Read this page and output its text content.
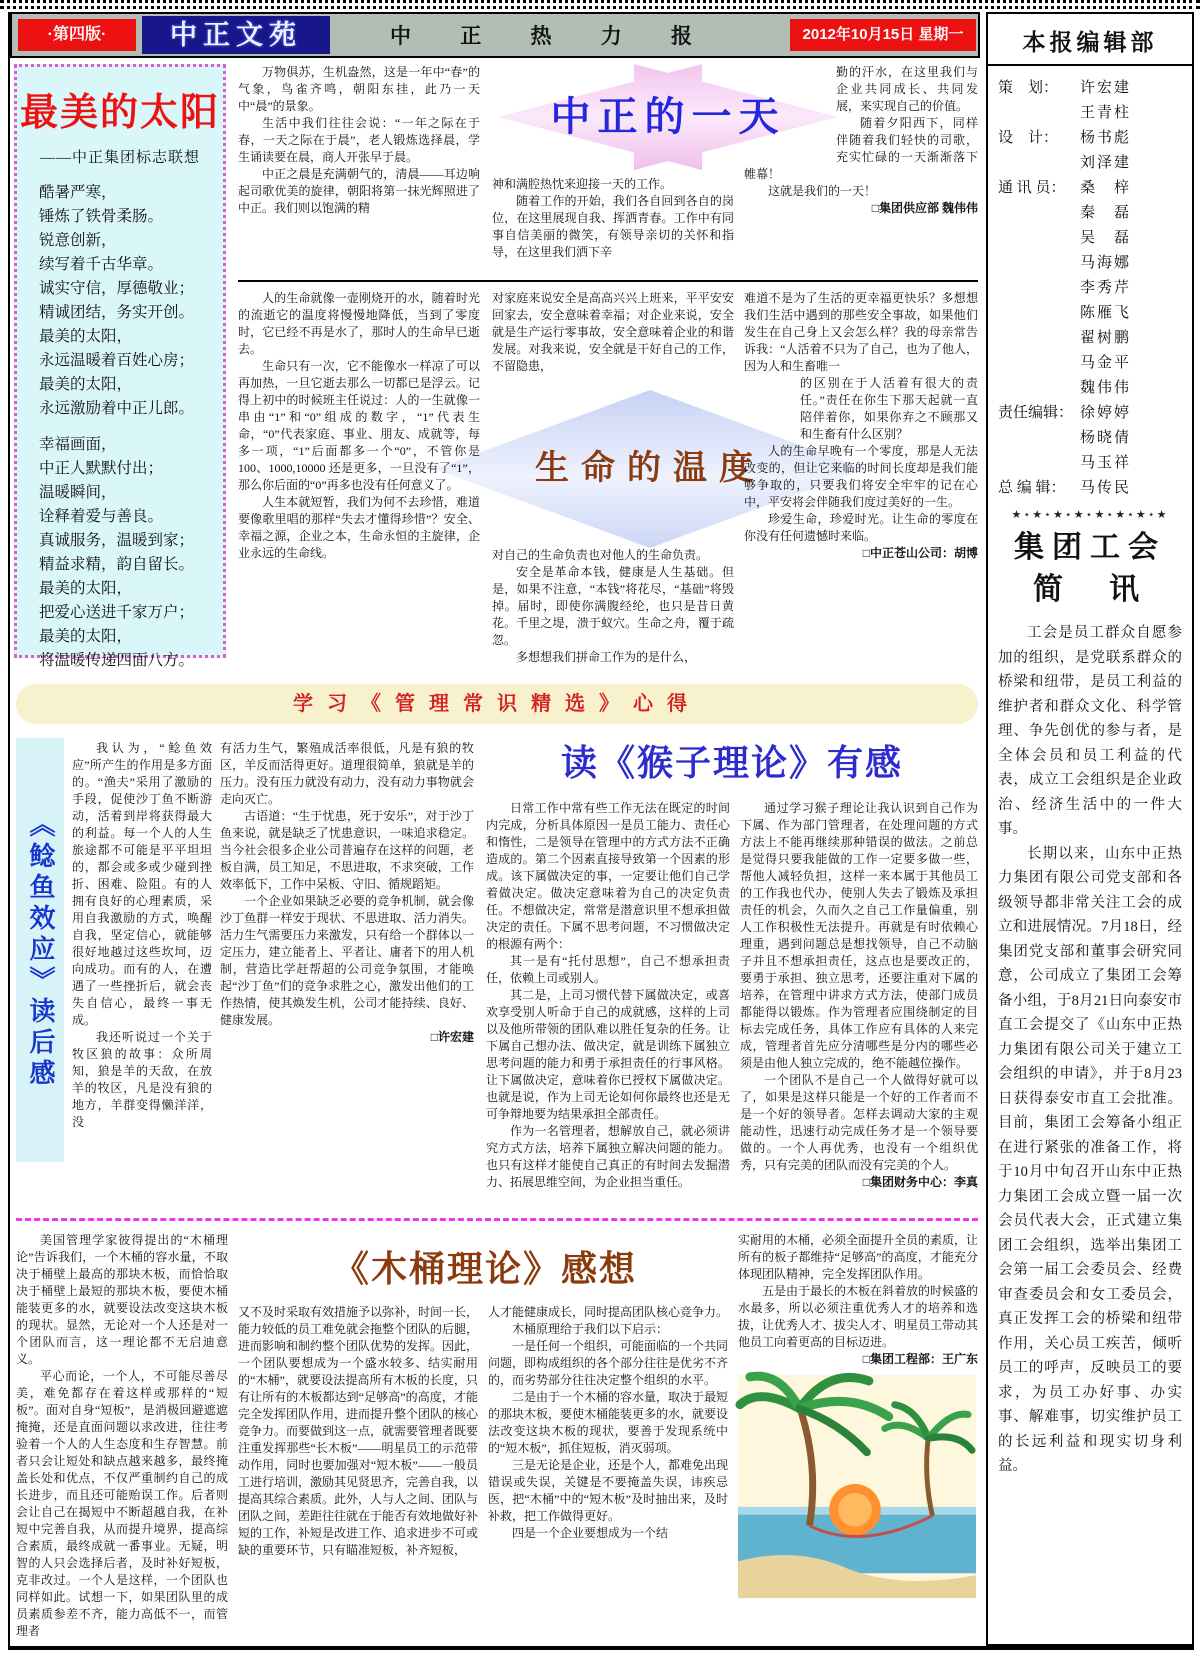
·第四版·	中正文苑	中 正 热 力 报	2012年10月15日 星期一
最美的太阳
——中正集团标志联想
酷暑严寒，
锤炼了铁骨柔肠。
锐意创新，
续写着千古华章。
诚实守信，厚德敬业；
精诚团结，务实开创。
最美的太阳，
永远温暖着百姓心房；
最美的太阳，
永远激励着中正儿郎。
幸福画面，
中正人默默付出；
温暖瞬间，
诠释着爱与善良。
真诚服务，温暖到家；
精益求精，韵自留长。
最美的太阳，
把爱心送进千家万户；
最美的太阳，
将温暖传递四面八方。
中正的一天

万物俱苏，生机盎然，这是一年中“春”的气象，鸟雀齐鸣，朝阳东挂，此乃一天中“晨”的景象。

生活中我们往往会说：“一年之际在于春，一天之际在于晨”，老人锻炼选择晨，学生诵读要在晨，商人开张早于晨。

中正之晨是充满朝气的，清晨——耳边响起司歌优美的旋律，朝阳将第一抹光辉照进了中正。我们则以饱满的精

神和满腔热忱来迎接一天的工作。

随着工作的开始，我们各自回到各自的岗位，在这里展现自我、挥洒青春。工作中有同事自信美丽的微笑，有领导亲切的关怀和指导，在这里我们洒下辛

勤的汗水，在这里我们与企业共同成长、共同发展，来实现自己的价值。

随着夕阳西下，同样伴随着我们轻快的司歌，充实忙碌的一天渐渐落下帷幕！

这就是我们的一天！

□集团供应部 魏伟伟

生命的温度

人的生命就像一壶刚烧开的水，随着时光的流逝它的温度将慢慢地降低，当到了零度时，它已经不再是水了，那时人的生命早已逝去。

生命只有一次，它不能像水一样凉了可以再加热，一旦它逝去那么一切都已是浮云。记得上初中的时候班主任说过：人的一生就像一串由“1”和“0”组成的数字，“1”代表生命，“0”代表家庭、事业、朋友、成就等，每多一项，“1”后面都多一个“0”，不管你是 100、1000,10000 还是更多，一旦没有了“1”，那么你后面的“0”再多也没有任何意义了。

人生本就短暂，我们为何不去珍惜，难道要像歌里唱的那样“失去才懂得珍惜”？安全、幸福之源，企业之本，生命永恒的主旋律，企业永远的生命线。

对家庭来说安全是高高兴兴上班来，平平安安回家去，安全意味着幸福；对企业来说，安全就是生产运行零事故，安全意味着企业的和谐发展。对我来说，安全就是干好自己的工作，不留隐患，

对自己的生命负责也对他人的生命负责。

安全是革命本钱，健康是人生基础。但是，如果不注意，“本钱”将花尽，“基础”将毁掉。届时，即使你满腹经纶，也只是昔日黄花。千里之堤，溃于蚁穴。生命之舟，覆于疏忽。

多想想我们拼命工作为的是什么，

难道不是为了生活的更幸福更快乐？多想想我们生活中遇到的那些安全事故，如果他们发生在自己身上又会怎么样？我的母亲常告诉我：“人活着不只为了自己，也为了他人，因为人和生畜唯一

的区别在于人活着有很大的责任。”责任在你生下那天起就一直陪伴着你，如果你弃之不顾那又和生畜有什么区别？

人的生命早晚有一个零度，那是人无法改变的，但让它来临的时间长度却是我们能够争取的，只要我们将安全牢牢的记在心中，平安将会伴随我们度过美好的一生。

珍爱生命，珍爱时光。让生命的零度在你没有任何遗憾时来临。

□中正苍山公司：胡博

学习《管理常识精选》心得
《鲶鱼效应》读后感

我认为，“鲶鱼效应”所产生的作用是多方面的。“渔夫”采用了激励的手段，促使沙丁鱼不断游动，活着到岸将获得最大的利益。每一个人的人生旅途都不可能是平平坦坦的，都会或多或少碰到挫折、困难、险阻。有的人拥有良好的心理素质，采用自我激励的方式，唤醒自我，坚定信心，就能够很好地越过这些坎坷，迈向成功。而有的人，在遭遇了一些挫折后，就会丧失自信心，最终一事无成。

我还听说过一个关于牧区狼的故事：众所周知，狼是羊的天敌，在放羊的牧区，凡是没有狼的地方，羊群变得懒洋洋，没

有活力生气，繁殖成活率很低，凡是有狼的牧区，羊反而活得更好。道理很简单，狼就是羊的压力。没有压力就没有动力，没有动力事物就会走向灭亡。

古语道：“生于忧患，死于安乐”，对于沙丁鱼来说，就是缺乏了忧患意识，一味追求稳定。当今社会很多企业公司普遍存在这样的问题，老板自满，员工知足，不思进取，不求突破，工作效率低下，工作中呆板、守旧、循规蹈矩。

一个企业如果缺乏必要的竞争机制，就会像沙丁鱼群一样安于现状、不思进取、活力消失。活力生气需要压力来激发，只有给一个群体以一定压力，建立能者上、平者让、庸者下的用人机制，营造比学赶帮超的公司竞争氛围，才能唤起“沙丁鱼”们的竞争求胜之心，激发出他们的工作热情，使其焕发生机，公司才能持续、良好、健康发展。

□许宏建

读《猴子理论》有感

日常工作中常有些工作无法在既定的时间内完成，分析具体原因一是员工能力、责任心和惰性，二是领导在管理中的方式方法不正确造成的。第二个因素直接导致第一个因素的形成。该下属做决定的事，一定要让他们自己学着做决定。做决定意味着为自己的决定负责任。不想做决定，常常是潜意识里不想承担做决定的责任。下属不思考问题，不习惯做决定的根源有两个：

其一是有“托付思想”，自己不想承担责任，依赖上司或别人。

其二是，上司习惯代替下属做决定，或喜欢享受别人听命于自己的成就感，这样的上司以及他所带领的团队难以胜任复杂的任务。让下属自己想办法、做决定，就是训练下属独立思考问题的能力和勇于承担责任的行事风格。让下属做决定，意味着你已授权下属做决定。也就是说，作为上司无论如何你最终也还是无可争辩地要为结果承担全部责任。

作为一名管理者，想解放自己，就必须讲究方式方法，培养下属独立解决问题的能力。也只有这样才能使自己真正的有时间去发掘潜力、拓展思维空间，为企业担当重任。

通过学习猴子理论让我认识到自己作为下属、作为部门管理者，在处理问题的方式方法上不能再继续那种错误的做法。之前总是觉得只要我能做的工作一定要多做一些，帮他人减轻负担，这样一来本属于其他员工的工作我也代办，使别人失去了锻炼及承担责任的机会，久而久之自己工作量偏重，别人工作积极性无法提升。再就是有时依赖心理重，遇到问题总是想找领导，自己不动脑子并且不想承担责任，这点也是要改正的，要勇于承担、独立思考，还要注重对下属的培养，在管理中讲求方式方法，使部门成员都能得以锻炼。作为管理者应围绕制定的目标去完成任务，具体工作应有具体的人来完成，管理者首先应分清哪些是分内的哪些必须是由他人独立完成的，绝不能越位操作。

一个团队不是自己一个人做得好就可以了，如果是这样只能是一个好的工作者而不是一个好的领导者。怎样去调动大家的主观能动性，迅速行动完成任务才是一个领导要做的。一个人再优秀，也没有一个组织优秀，只有完美的团队而没有完美的个人。

□集团财务中心：李真

《木桶理论》感想

美国管理学家彼得提出的“木桶理论”告诉我们，一个木桶的容水量，不取决于桶壁上最高的那块木板，而恰恰取决于桶壁上最短的那块木板，要使木桶能装更多的水，就要设法改变这块木板的现状。显然，无论对一个人还是对一个团队而言，这一理论都不无启迪意义。

平心而论，一个人，不可能尽善尽美，难免都存在着这样或那样的“短板”。面对自身“短板”，是消极回避遮遮掩掩，还是直面问题以求改进，往往考验着一个人的人生态度和生存智慧。前者只会让短处和缺点越来越多，最终掩盖长处和优点，不仅严重制约自己的成长进步，而且还可能贻误工作。后者则会让自己在揭短中不断超越自我，在补短中完善自我，从而提升境界，提高综合素质，最终成就一番事业。无疑，明智的人只会选择后者，及时补好短板，克非改过。一个人是这样，一个团队也同样如此。试想一下，如果团队里的成员素质参差不齐，能力高低不一，而管理者

又不及时采取有效措施予以弥补，时间一长，能力较低的员工难免就会拖整个团队的后腿，进而影响和制约整个团队优势的发挥。因此，一个团队要想成为一个盛水较多、结实耐用的“木桶”，就要设法提高所有木板的长度，只有让所有的木板都达到“足够高”的高度，才能完全发挥团队作用，进而提升整个团队的核心竞争力。而要做到这一点，就需要管理者既要注重发挥那些“长木板”——明星员工的示范带动作用，同时也要加强对“短木板”——一般员工进行培训，激励其见贤思齐，完善自我，以提高其综合素质。此外，人与人之间、团队与团队之间，差距往往就在于能否有效地做好补短的工作，补短是改进工作、追求进步不可或缺的重要环节，只有瞄准短板，补齐短板，

人才能健康成长，同时提高团队核心竞争力。

木桶原理给于我们以下启示：

一是任何一个组织，可能面临的一个共同问题，即构成组织的各个部分往往是优劣不齐的，而劣势部分往往决定整个组织的水平。

二是由于一个木桶的容水量，取决于最短的那块木板，要使木桶能装更多的水，就要设法改变这块木板的现状，要善于发现系统中的“短木板”，抓住短板，消灭弱项。

三是无论是企业，还是个人，都难免出现错误或失误，关键是不要掩盖失误，讳疾忌医，把“木桶”中的“短木板”及时抽出来，及时补救，把工作做得更好。

四是一个企业要想成为一个结

实耐用的木桶，必须全面提升全员的素质，让所有的板子都维持“足够高”的高度，才能充分体现团队精神，完全发挥团队作用。

五是由于最长的木板在斜着放的时候盛的水最多，所以必须注重优秀人才的培养和选拔，让优秀人才、拔尖人才、明星员工带动其他员工向着更高的目标迈进。

□集团工程部：王广东

本报编辑部
策　划：	许宏建
王青柱
设　计：	杨书彪
刘泽建
通 讯 员： 桑　梓
秦　磊
吴　磊
马海娜
李秀芹
陈雁飞
翟树鹏
马金平
魏伟伟
责任编辑： 徐婷婷
杨晓倩
马玉祥
总 编 辑： 马传民
★⋆★⋆★⋆★⋆★⋆★⋆★⋆★
集团工会
简　讯

工会是员工群众自愿参加的组织，是党联系群众的桥梁和纽带，是员工利益的维护者和群众文化、科学管理、争先创优的参与者，是全体会员和员工利益的代表，成立工会组织是企业政治、经济生活中的一件大事。

长期以来，山东中正热力集团有限公司党支部和各级领导都非常关注工会的成立和进展情况。7月18日，经集团党支部和董事会研究同意，公司成立了集团工会筹备小组，于8月21日向泰安市直工会提交了《山东中正热力集团有限公司关于建立工会组织的申请》，并于8月23日获得泰安市直工会批准。目前，集团工会筹备小组正在进行紧张的准备工作，将于10月中旬召开山东中正热力集团工会成立暨一届一次会员代表大会，正式建立集团工会组织，选举出集团工会第一届工会委员会、经费审查委员会和女工委员会，真正发挥工会的桥梁和纽带作用，关心员工疾苦，倾听员工的呼声，反映员工的要求，为员工办好事、办实事、解难事，切实维护员工的长远利益和现实切身利益。
